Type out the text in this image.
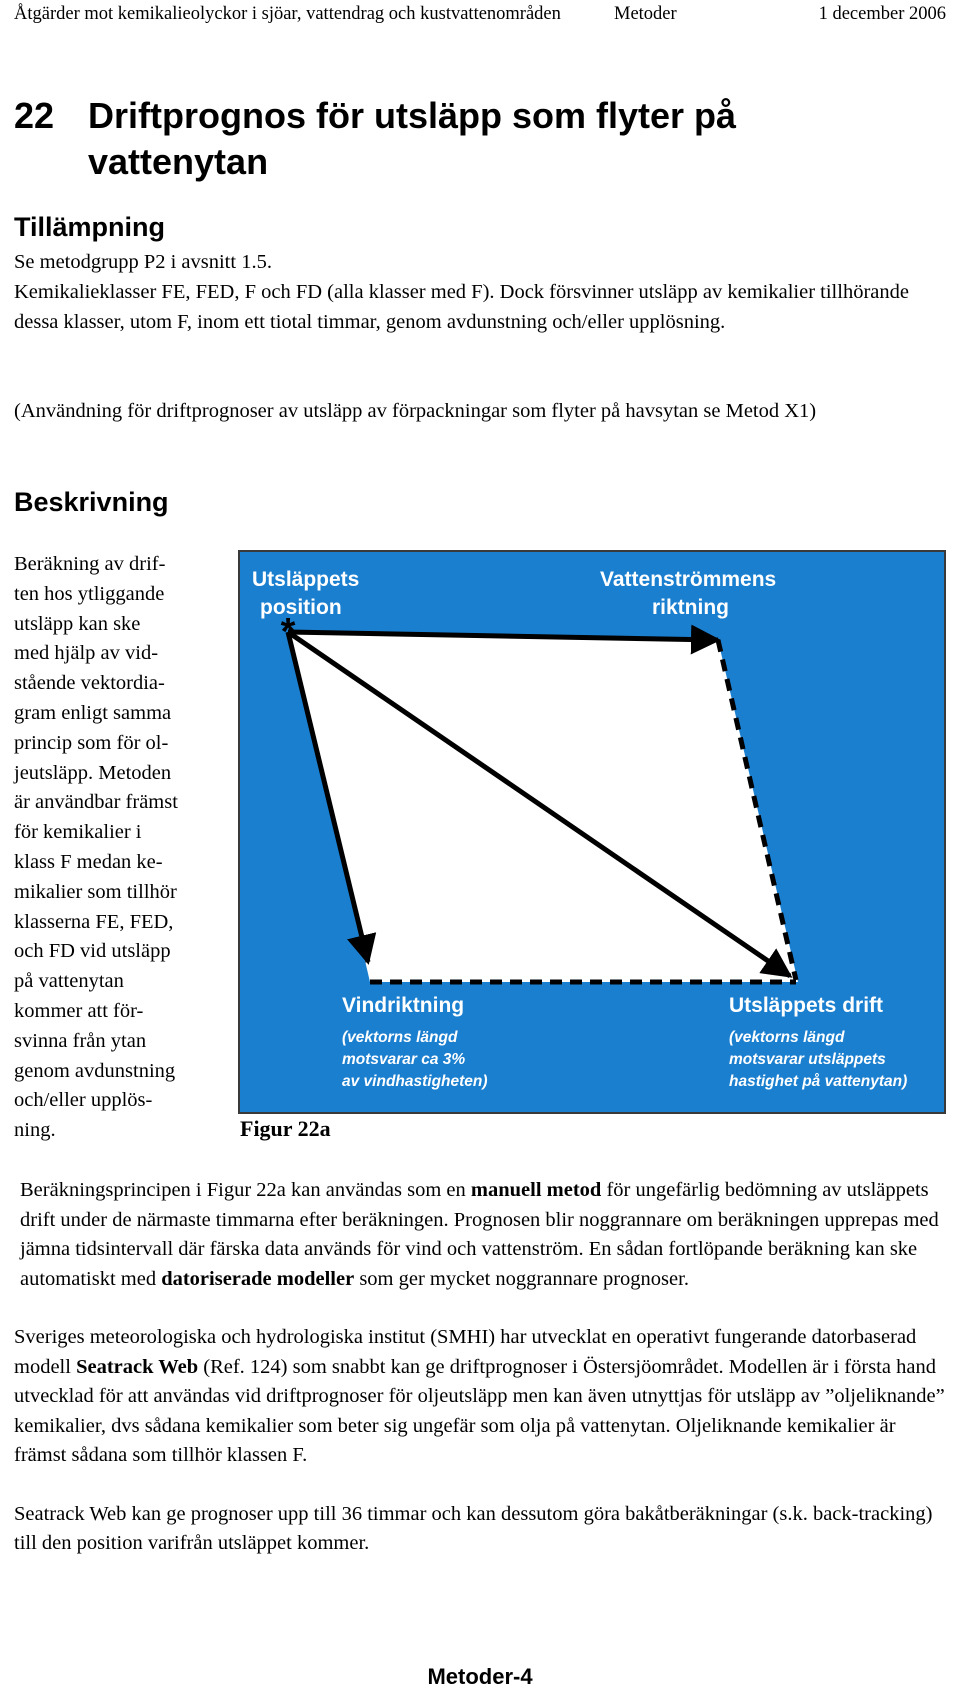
Åtgärder mot kemikalieolyckor i sjöar, vattendrag och kustvattenområden	Metoder	1 december 2006
22 Driftprognos för utsläpp som flyter på vattenytan
Tillämpning
Se metodgrupp P2 i avsnitt 1.5.
Kemikalieklasser FE, FED, F och FD (alla klasser med F). Dock försvinner utsläpp av kemikalier tillhörande dessa klasser, utom F, inom ett tiotal timmar, genom avdunstning och/eller upplösning.
(Användning för driftprognoser av utsläpp av förpackningar som flyter på havsytan se Metod X1)
Beskrivning
Beräkning av drif-
ten hos ytliggande
utsläpp kan ske
med hjälp av vid-
stående vektordia-
gram enligt samma
princip som för ol-
jeutsläpp. Metoden
är användbar främst
för kemikalier i
klass F medan ke-
mikalier som tillhör
klasserna FE, FED,
och FD vid utsläpp
på vattenytan
kommer att för-
svinna från ytan
genom avdunstning
och/eller upplös-
ning.
*
Utsläppets
position
Vattenströmmens
riktning
Vindriktning
(vektorns längd
motsvarar ca 3%
av vindhastigheten)
Utsläppets drift
(vektorns längd
motsvarar utsläppets
hastighet på vattenytan)
Figur 22a

Beräkningsprincipen i Figur 22a kan användas som en manuell metod för ungefärlig bedömning av utsläppets drift under de närmaste timmarna efter beräkningen. Prognosen blir noggrannare om beräkningen upprepas med jämna tidsintervall där färska data används för vind och vattenström. En sådan fortlöpande beräkning kan ske automatiskt med datoriserade modeller som ger mycket noggrannare prognoser.

Sveriges meteorologiska och hydrologiska institut (SMHI) har utvecklat en operativt fungerande datorbaserad modell Seatrack Web (Ref. 124) som snabbt kan ge driftprognoser i Östersjöområdet. Modellen är i första hand utvecklad för att användas vid driftprognoser för oljeutsläpp men kan även utnyttjas för utsläpp av ”oljeliknande” kemikalier, dvs sådana kemikalier som beter sig ungefär som olja på vattenytan. Oljeliknande kemikalier är främst sådana som tillhör klassen F.

Seatrack Web kan ge prognoser upp till 36 timmar och kan dessutom göra bakåtberäkningar (s.k. back-tracking) till den position varifrån utsläppet kommer.

Metoder-4
